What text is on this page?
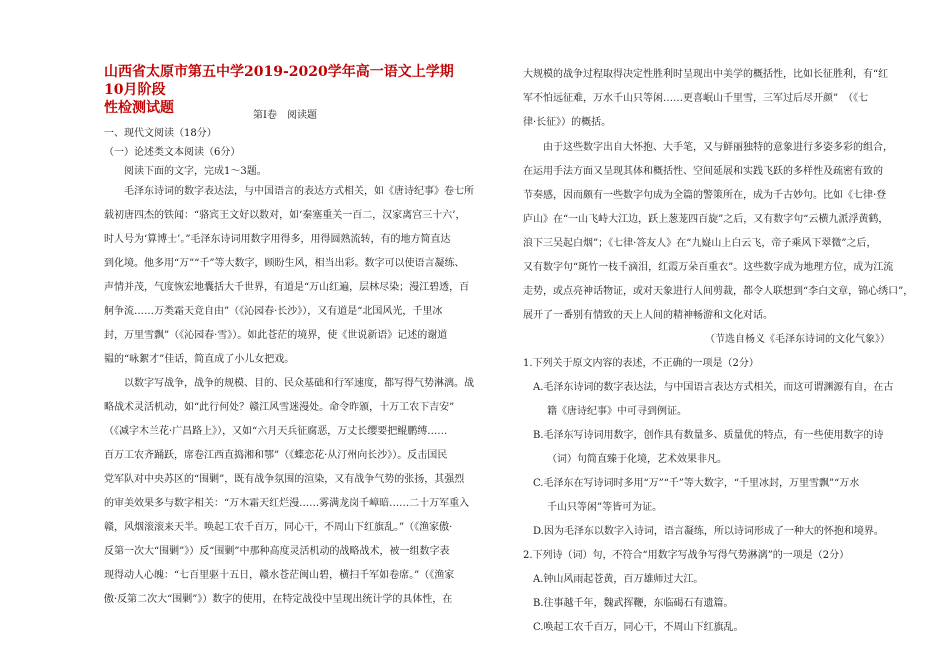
山西省太原市第五中学2019-2020学年高一语文上学期10月阶段
性检测试题	第Ⅰ卷　阅读题
一、现代文阅读（18分）
（一）论述类文本阅读（6分）
阅读下面的文字，完成1～3题。
毛泽东诗词的数字表达法，与中国语言的表达方式相关，如《唐诗纪事》卷七所
载初唐四杰的铁闻：“骆宾王文好以数对，如‘秦塞重关一百二，汉家离宫三十六’，
时人号为‘算博士’。”毛泽东诗词用数字用得多，用得圆熟流转，有的地方简直达
到化境。他多用“万”“千”等大数字，顾盼生风，相当出彩。数字可以使语言凝练、
声情并茂，气度恢宏地囊括大千世界，有道是“万山红遍，层林尽染；漫江碧透，百
舸争流……万类霜天竞自由”（《沁园春·长沙》），又有道是“北国风光，千里冰
封，万里雪飘”（《沁园春·雪》）。如此苍茫的境界，使《世说新语》记述的谢道
韫的“咏絮才”佳话，简直成了小儿女把戏。
以数字写战争，战争的规模、目的、民众基础和行军速度，都写得气势淋漓。战
略战术灵活机动，如“此行何处？赣江风雪迷漫处。命令昨颁，十万工农下吉安”
（《减字木兰花·广昌路上》），又如“六月天兵征腐恶，万丈长缨要把鲲鹏缚……
百万工农齐踊跃，席卷江西直捣湘和鄂”（《蝶恋花·从汀州向长沙》）。反击国民
党军队对中央苏区的“围剿”，既有战争氛围的渲染，又有战争气势的张扬，其强烈
的审美效果多与数字相关：“万木霜天红烂漫……雾满龙岗千嶂暗……二十万军重入
赣，风烟滚滚来天半。唤起工农千百万，同心干，不周山下红旗乱。”（《渔家傲·
反第一次大“围剿”》）反“围剿”中那种高度灵活机动的战略战术，被一组数字表
现得动人心魄：“七百里驱十五日，赣水苍茫闽山碧，横扫千军如卷席。”（《渔家
傲·反第二次大“围剿”》）数字的使用，在特定战役中呈现出统计学的具体性，在
大规模的战争过程取得决定性胜利时呈现出中美学的概括性，比如长征胜利，有“红
军不怕远征难，万水千山只等闲……更喜岷山千里雪，三军过后尽开颜”　（《七
律·长征》）的概括。
由于这些数字出自大怀抱、大手笔，又与鲜丽独特的意象进行多姿多彩的组合，
在运用手法方面又呈现其体和概括性、空间延展和实践飞跃的多样性及疏密有致的
节奏感，因而颇有一些数字句成为全篇的警策所在，成为千古妙句。比如《七律·登
庐山》在“一山飞峙大江边，跃上葱茏四百旋”之后，又有数字句“云横九派浮黄鹤，
浪下三吴起白烟”；《七律·答友人》在“九嶷山上白云飞，帝子乘风下翠微”之后，
又有数字句“斑竹一枝千滴泪，红霞万朵百重衣”。这些数字成为地理方位，成为江流
走势，或点亮神话物证，或对天象进行人间剪裁，都令人联想到“李白文章，锦心绣口”，
展开了一番别有情致的天上人间的精神畅游和文化对话。
（节选自杨义《毛泽东诗词的文化气象》）
1.下列关于原文内容的表述，不正确的一项是（2分）
A.毛泽东诗词的数字表达法，与中国语言表达方式相关，而这可谓渊源有自，在古
籍《唐诗纪事》中可寻到例证。
B.毛泽东写诗词用数字，创作具有数量多、质量优的特点，有一些使用数字的诗
（词）句简直臻于化境，艺术效果非凡。
C.毛泽东在写诗词时多用“万”“千”等大数字，“千里冰封，万里雪飘”“万水
千山只等闲”等皆可为证。
D.因为毛泽东以数字入诗词，语言凝练，所以诗词形成了一种大的怀抱和境界。
2.下列诗（词）句，不符合“用数字写战争写得气势淋漓”的一项是（2分）
A.钟山风雨起苍黄，百万雄师过大江。
B.往事越千年，魏武挥鞭，东临碣石有遗篇。
C.唤起工农千百万，同心干，不周山下红旗乱。
